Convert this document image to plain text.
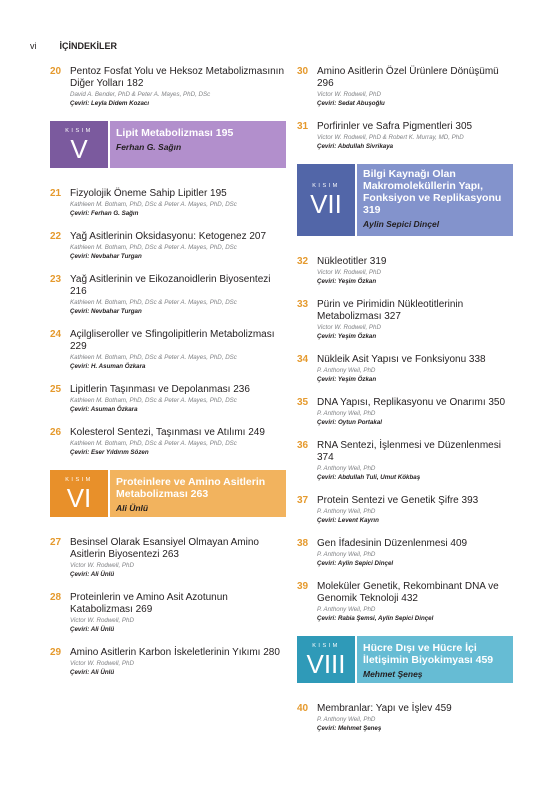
vi	İÇİNDEKİLER
20 Pentoz Fosfat Yolu ve Heksoz Metabolizmasının Diğer Yolları 182
David A. Bender, PhD & Peter A. Mayes, PhD, DSc
Çeviri: Leyla Didem Kozacı
KISIM
V
Lipit Metabolizması 195
Ferhan G. Sağın
21 Fizyolojik Öneme Sahip Lipitler 195
Kathleen M. Botham, PhD, DSc & Peter A. Mayes, PhD, DSc
Çeviri: Ferhan G. Sağın
22 Yağ Asitlerinin Oksidasyonu: Ketogenez 207
Kathleen M. Botham, PhD, DSc & Peter A. Mayes, PhD, DSc
Çeviri: Nevbahar Turgan
23 Yağ Asitlerinin ve Eikozanoidlerin Biyosentezi 216
Kathleen M. Botham, PhD, DSc & Peter A. Mayes, PhD, DSc
Çeviri: Nevbahar Turgan
24 Açilgliseroller ve Sfingolipitlerin Metabolizması 229
Kathleen M. Botham, PhD, DSc & Peter A. Mayes, PhD, DSc
Çeviri: H. Asuman Özkara
25 Lipitlerin Taşınması ve Depolanması 236
Kathleen M. Botham, PhD, DSc & Peter A. Mayes, PhD, DSc
Çeviri: Asuman Özkara
26 Kolesterol Sentezi, Taşınması ve Atılımı 249
Kathleen M. Botham, PhD, DSc & Peter A. Mayes, PhD, DSc
Çeviri: Eser Yıldırım Sözen
KISIM
VI
Proteinlere ve Amino Asitlerin Metabolizması 263
Ali Ünlü
27 Besinsel Olarak Esansiyel Olmayan Amino Asitlerin Biyosentezi 263
Victor W. Rodwell, PhD
Çeviri: Ali Ünlü
28 Proteinlerin ve Amino Asit Azotunun Katabolizması 269
Victor W. Rodwell, PhD
Çeviri: Ali Ünlü
29 Amino Asitlerin Karbon İskeletlerinin Yıkımı 280
Victor W. Rodwell, PhD
Çeviri: Ali Ünlü
30 Amino Asitlerin Özel Ürünlere Dönüşümü 296
Victor W. Rodwell, PhD
Çeviri: Sedat Abuşoğlu
31 Porfirinler ve Safra Pigmentleri 305
Victor W. Rodwell, PhD & Robert K. Murray, MD, PhD
Çeviri: Abdullah Sivrikaya
KISIM
VII
Bilgi Kaynağı Olan Makromoleküllerin Yapı, Fonksiyon ve Replikasyonu 319
Aylin Sepici Dinçel
32 Nükleotitler 319
Victor W. Rodwell, PhD
Çeviri: Yeşim Özkan
33 Pürin ve Pirimidin Nükleotitlerinin Metabolizması 327
Victor W. Rodwell, PhD
Çeviri: Yeşim Özkan
34 Nükleik Asit Yapısı ve Fonksiyonu 338
P. Anthony Weil, PhD
Çeviri: Yeşim Özkan
35 DNA Yapısı, Replikasyonu ve Onarımı 350
P. Anthony Weil, PhD
Çeviri: Oytun Portakal
36 RNA Sentezi, İşlenmesi ve Düzenlenmesi 374
P. Anthony Weil, PhD
Çeviri: Abdullah Tuli, Umut Kökbaş
37 Protein Sentezi ve Genetik Şifre 393
P. Anthony Weil, PhD
Çeviri: Levent Kayrın
38 Gen İfadesinin Düzenlenmesi 409
P. Anthony Weil, PhD
Çeviri: Aylin Sepici Dinçel
39 Moleküler Genetik, Rekombinant DNA ve Genomik Teknoloji 432
P. Anthony Weil, PhD
Çeviri: Rabia Şemsi, Aylin Sepici Dinçel
KISIM
VIII
Hücre Dışı ve Hücre İçi İletişimin Biyokimyası 459
Mehmet Şeneş
40 Membranlar: Yapı ve İşlev 459
P. Anthony Weil, PhD
Çeviri: Mehmet Şeneş
